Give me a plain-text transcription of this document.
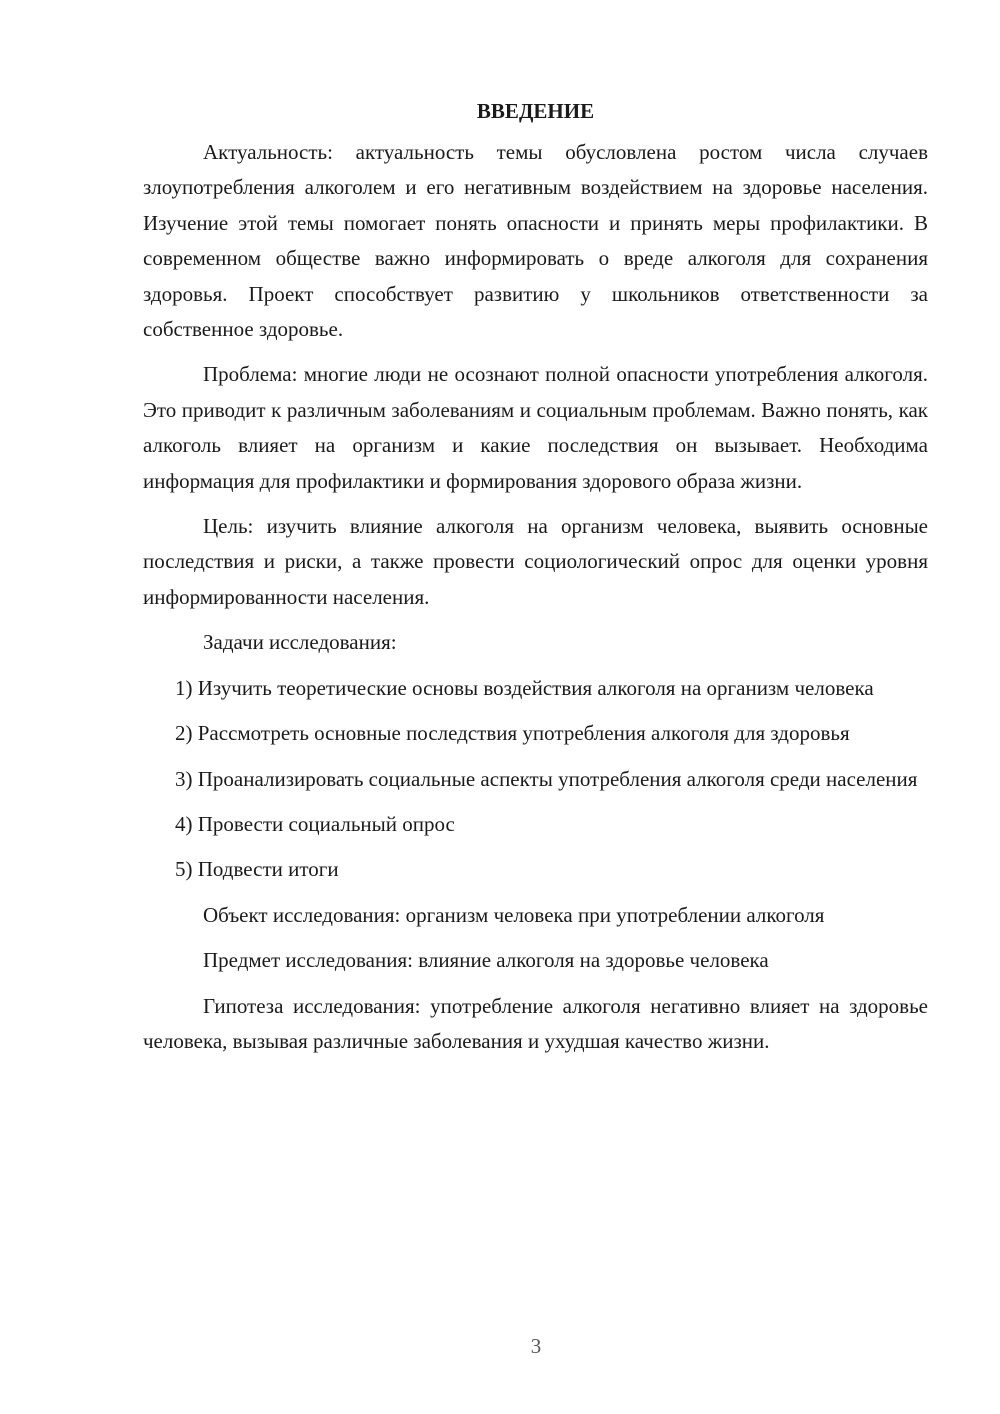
ВВЕДЕНИЕ

Актуальность: актуальность темы обусловлена ростом числа случаев злоупотребления алкоголем и его негативным воздействием на здоровье населения. Изучение этой темы помогает понять опасности и принять меры профилактики. В современном обществе важно информировать о вреде алкоголя для сохранения здоровья. Проект способствует развитию у школьников ответственности за собственное здоровье.

Проблема: многие люди не осознают полной опасности употребления алкоголя. Это приводит к различным заболеваниям и социальным проблемам. Важно понять, как алкоголь влияет на организм и какие последствия он вызывает. Необходима информация для профилактики и формирования здорового образа жизни.

Цель: изучить влияние алкоголя на организм человека, выявить основные последствия и риски, а также провести социологический опрос для оценки уровня информированности населения.

Задачи исследования:

1) Изучить теоретические основы воздействия алкоголя на организм человека

2) Рассмотреть основные последствия употребления алкоголя для здоровья

3) Проанализировать социальные аспекты употребления алкоголя среди населения

4) Провести социальный опрос

5) Подвести итоги

Объект исследования: организм человека при употреблении алкоголя

Предмет исследования: влияние алкоголя на здоровье человека

Гипотеза исследования: употребление алкоголя негативно влияет на здоровье человека, вызывая различные заболевания и ухудшая качество жизни.

3
